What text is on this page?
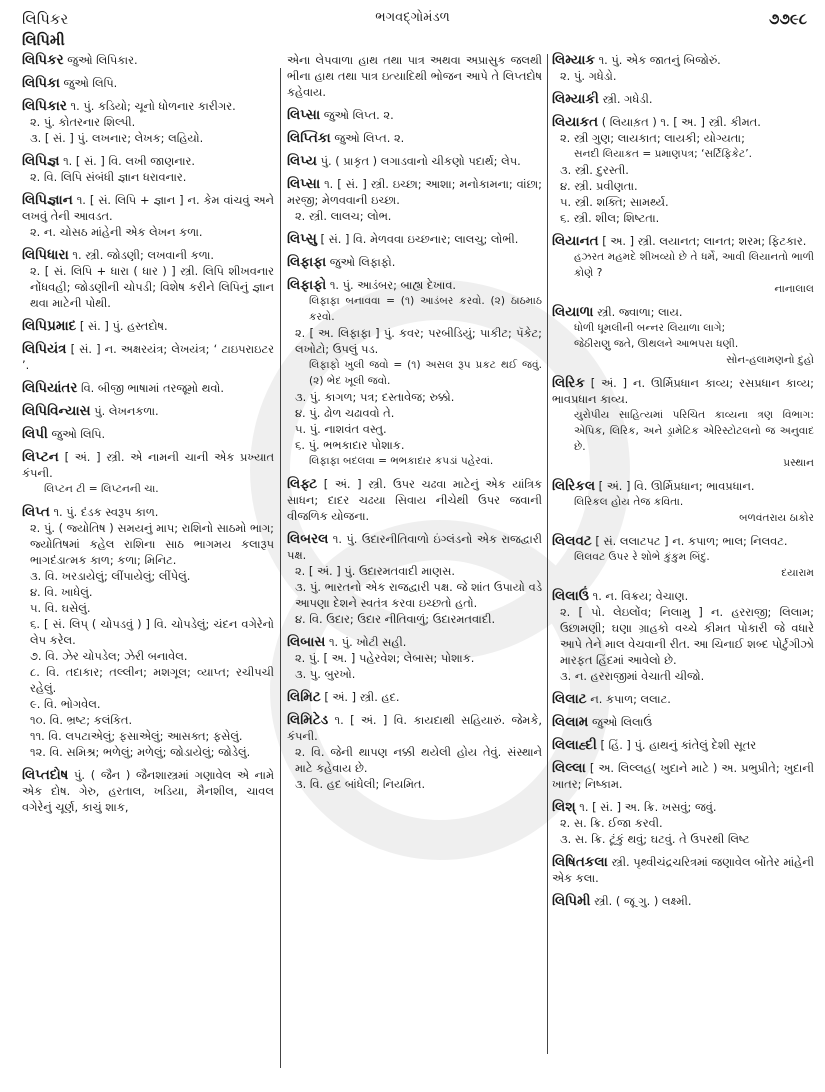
લિપિકર
લિપિમી
ભગવદ્ગોમંડળ	૭૭૯૮
લિપિકર જુઓ લિપિકાર.
લિપિકા જુઓ લિપિ.
લિપિકાર ૧. પું. કડિયો; ચૂનો ધોળનાર કારીગર.
૨. પું. કોતરનાર શિલ્પી.
૩. [ સં. ] પું. લખનાર; લેખક; લહિયો.
લિપિજ્ઞ ૧. [ સં. ] વિ. લખી જાણનાર.
૨. વિ. લિપિ સંબંધી જ્ઞાન ધરાવનાર.
લિપિજ્ઞાન ૧. [ સં. લિપિ + જ્ઞાન ] ન. કેમ વાંચવું અને લખવું તેની આવડત.
૨. ન. ચોસઠ માંહેની એક લેખન કળા.
લિપિધારા ૧. સ્ત્રી. જોડણી; લખવાની કળા.
૨. [ સં. લિપિ + ધારા ( ધાર ) ] સ્ત્રી. લિપિ શીખવનાર નોંધવહી; જોડણીની ચોપડી; વિશેષ કરીને લિપિનું જ્ઞાન થવા માટેની પોથી.
લિપિપ્રમાદ [ સં. ] પું. હસ્તદોષ.
લિપિયંત્ર [ સં. ] ન. અક્ષરયંત્ર; લેખયંત્ર; ‘ ટાઇપરાઇટર ’.
લિપિયાંતર વિ. બીજી ભાષામાં તરજૂમો થવો.
લિપિવિન્યાસ પું. લેખનકળા.
લિપી જુઓ લિપિ.
લિપ્ટન [ અં. ] સ્ત્રી. એ નામની ચાની એક પ્રખ્યાત કંપની.
લિપ્ટન ટી = લિપ્ટનની ચા.
લિપ્ત ૧. પું. દંડક સ્વરૂપ કાળ.
૨. પું. ( જ્યોતિષ ) સમયનું માપ; રાશિનો સાઠમો ભાગ; જ્યોતિષમાં કહેલ રાશિના સાઠ ભાગમય કલારૂપ ભાગદંડાત્મક કાળ; કળા; મિનિટ.
૩. વિ. ખરડાયેલું; લીંપાયેલું; લીંપેલું.
૪. વિ. ખાધેલું.
૫. વિ. ઘસેલું.
૬. [ સં. લિપ્ ( ચોપડવું ) ] વિ. ચોપડેલું; ચંદન વગેરેનો લેપ કરેલ.
૭. વિ. ઝેર ચોપડેલ; ઝેરી બનાવેલ.
૮. વિ. તદાકાર; તલ્લીન; મશગૂલ; વ્યાપ્ત; રચીપચી રહેલું.
૯. વિ. ભોગવેલ.
૧૦. વિ. ભ્રષ્ટ; કલંકિત.
૧૧. વિ. લપટાએલું; ફસાએલું; આસક્ત; ફસેલું.
૧૨. વિ. સમિશ્ર; ભળેલું; મળેલું; જોડાયેલું; જોડેલું.
લિપ્તદોષ પું. ( જૈન ) જૈનશાસ્ત્રમાં ગણાવેલ એ નામે એક દોષ. ગેરુ, હરતાલ, ખડિયા, મૈનશીલ, ચાવલ વગેરેનું ચૂર્ણ, કાચું શાક,
એના લેપવાળા હાથ તથા પાત્ર અથવા અપ્રાસુક જલથી ભીના હાથ તથા પાત્ર ઇત્યાદિથી ભોજન આપે તે લિપ્તદોષ કહેવાય.
લિપ્સા જુઓ લિપ્ત. ૨.
લિપ્તિકા જુઓ લિપ્ત. ૨.
લિપ્ય પું. ( પ્રાકૃત ) લગાડવાનો ચીકણો પદાર્થ; લેપ.
લિપ્સા ૧. [ સં. ] સ્ત્રી. ઇચ્છા; આશા; મનોકામના; વાંછા; મરજી; મેળવવાની ઇચ્છા.
૨. સ્ત્રી. લાલચ; લોભ.
લિપ્સુ [ સં. ] વિ. મેળવવા ઇચ્છનાર; લાલચુ; લોભી.
લિફાફા જુઓ લિફાફો.
લિફાફો ૧. પું. આડંબર; બાહ્ય દેખાવ.
લિફાફા બનાવવા = (૧) આડંબર કરવો. (૨) ઠાઠમાઠ કરવો.
૨. [ અ. લિફાફા ] પું. કવર; પરબીડિયું; પાકીટ; પૅકેટ; લખોટો; ઉપલું પડ.
લિફાફો ખુલી જવો = (૧) અસલ રૂપ પ્રકટ થઈ જવું. (૨) ભેદ ખૂલી જવો.
૩. પું. કાગળ; પત્ર; દસ્તાવેજ; રુક્કો.
૪. પું. ઢોળ ચઢાવવો તે.
૫. પું. નાશવંત વસ્તુ.
૬. પું. ભભકાદાર પોશાક.
લિફાફા બદલવા = ભભકાદાર કપડાં પહેરવાં.
લિફ્ટ [ અં. ] સ્ત્રી. ઉપર ચઢવા માટેનું એક યાંત્રિક સાધન; દાદર ચઢયા સિવાય નીચેથી ઉપર જવાની વીજળિક યોજના.
લિબરલ ૧. પું. ઉદારનીતિવાળો ઇંગ્લંડનો એક રાજદ્વારી પક્ષ.
૨. [ અં. ] પું. ઉદારમતવાદી માણસ.
૩. પું. ભારતનો એક રાજદ્વારી પક્ષ. જે શાંત ઉપાયો વડે આપણા દેશને સ્વતંત્ર કરવા ઇચ્છતો હતો.
૪. વિ. ઉદાર; ઉદાર નીતિવાળું; ઉદારમતવાદી.
લિબાસ ૧. પું. ખોટી સહી.
૨. પું. [ અ. ] પહેરવેશ; લેબાસ; પોશાક.
૩. પુ. બુરખો.
લિમિટ [ અં. ] સ્ત્રી. હદ.
લિમિટેડ ૧. [ અં. ] વિ. કાયદાથી સહિયારું. જેમકે, કંપની.
૨. વિ. જેની થાપણ નક્કી થયેલી હોય તેવું. સંસ્થાને માટે કહેવાય છે.
૩. વિ. હદ બાંધેલી; નિયમિત.
લિમ્યાક ૧. પું. એક જાતનું બિજોરું.
૨. પું. ગધેડો.
લિમ્યાકી સ્ત્રી. ગધેડી.
લિયાકત ( લિયાક઼ત ) ૧. [ અ. ] સ્ત્રી. કીમત.
૨. સ્ત્રી ગુણ; લાયકાત; લાયકી; યોગ્યતા;
સનદી લિયાકત = પ્રમાણપત્ર; ‘સર્ટિફિકેટ’.
૩. સ્ત્રી. દુરસ્તી.
૪. સ્ત્રી. પ્રવીણતા.
૫. સ્ત્રી. શક્તિ; સામર્થ્ય.
૬. સ્ત્રી. શીલ; શિષ્ટતા.
લિયાનત [ અ. ] સ્ત્રી. લયાનત; લાનત; શરમ; ફિટકાર.
હઝરત મહમદે શીખવ્યો છે તે ધર્મે, આવી લિયાનતો ભાળી કોણે ?
નાનાલાલ
લિયાળા સ્ત્રી. જ્વાળા; લાય.
ધોળી ધૂમલીની બન્નર લિયાળા લાગે;
જેઠીરાણુ જતે, ઊથલને આભપરા ધણી.
સોન-હલામણનો દુહો
લિરિક [ અં. ] ન. ઊર્મિપ્રધાન કાવ્ય; રસપ્રધાન કાવ્ય; ભાવપ્રધાન કાવ્ય.
યુરોપીય સાહિત્યમાં પરિચિત કાવ્યના ત્રણ વિભાગ: એપિક, લિરિક, અને ડ્રામેટિક એરિસ્ટોટલનો જ અનુવાદ છે.
પ્રસ્થાન
લિરિકલ [ અં. ] વિ. ઊર્મિપ્રધાન; ભાવપ્રધાન.
લિરિકલ હોય તેજ કવિતા.
બળવંતરાય ઠાકોર
લિલવટ [ સં. લલાટપટ ] ન. કપાળ; ભાલ; નિલવટ.
લિલવટ ઉપર રે શોભે કુંકુમ બિંદુ.
દયારામ
લિલાઉં ૧. ન. વિક્રય; વેચાણ.
૨. [ પો. લેઇલોંવ; નિલામુ ] ન. હરરાજી; લિલામ; ઉછામણી; ઘણા ગ્રાહકો વચ્ચે કીમત પોકારી જે વધારે આપે તેને માલ વેચવાની રીત. આ ચિનાઈ શબ્દ પોર્ટુગીઝો મારફત હિંદમાં આવેલો છે.
૩. ન. હરરાજીમાં વેચાતી ચીજો.
લિલાટ ન. કપાળ; લલાટ.
લિલામ જુઓ લિલાઉં
લિલાહ્દી [ હિં. ] પું. હાથનું કાંતેલું દેશી સૂતર
લિલ્લા [ અ. લિલ્લહ( ખુદાને માટે ) અ. પ્રભુપ્રીતે; ખુદાની ખાતર; નિષ્કામ.
લિશ્ ૧. [ સં. ] અ. ક્રિ. ખસવું; જવું.
૨. સ. ક્રિ. ઈજા કરવી.
૩. સ. ક્રિ. ટૂંકું થવું; ઘટવું. તે ઉપરથી લિષ્ટ
લિષિતકલા સ્ત્રી. પૃથ્વીચંદ્રચરિત્રમાં જણાવેલ બોંતેર માંહેની એક કલા.
લિપિમી સ્ત્રી. ( જૂ ગુ. ) લક્ષ્મી.
